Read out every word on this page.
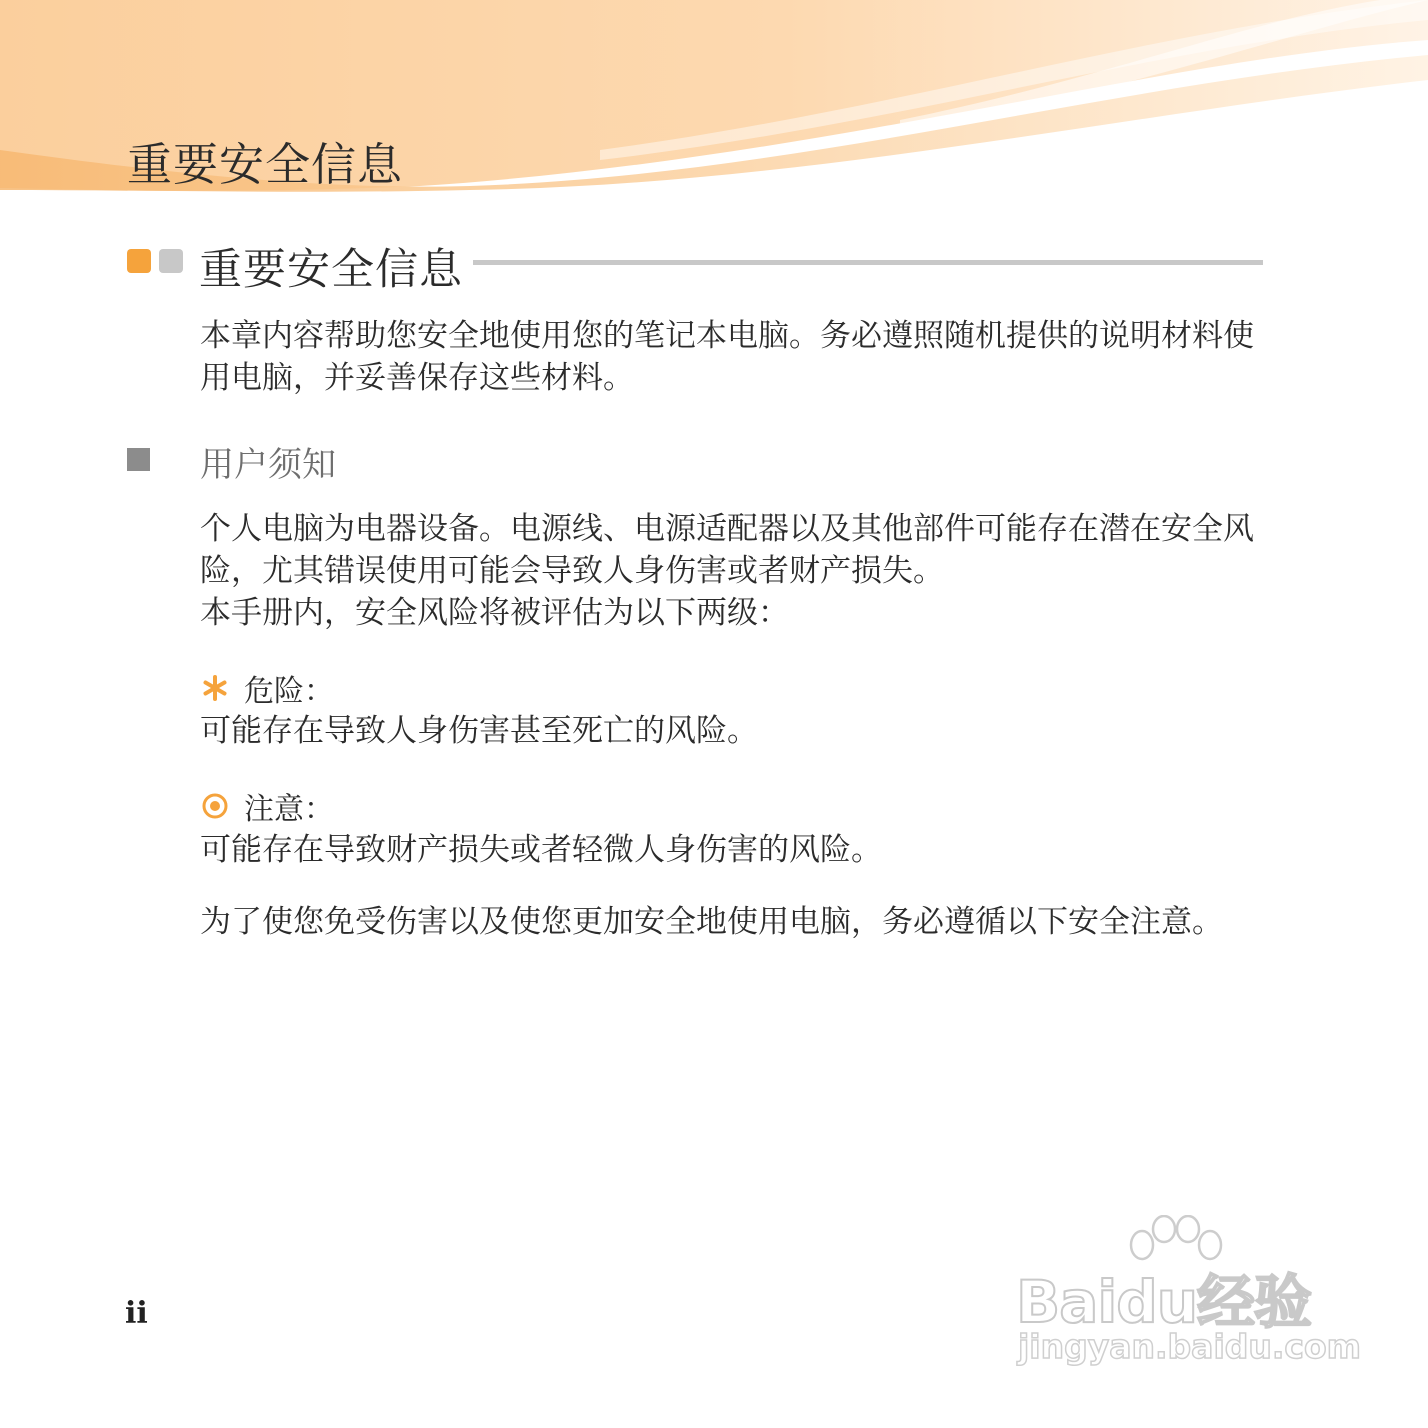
重要安全信息
重要安全信息

本章内容帮助您安全地使用您的笔记本电脑。务必遵照随机提供的说明材料使用电脑，并妥善保存这些材料。

用户须知

个人电脑为电器设备。电源线、电源适配器以及其他部件可能存在潜在安全风险，尤其错误使用可能会导致人身伤害或者财产损失。

本手册内，安全风险将被评估为以下两级：

危险：

可能存在导致人身伤害甚至死亡的风险。

注意：

可能存在导致财产损失或者轻微人身伤害的风险。

为了使您免受伤害以及使您更加安全地使用电脑，务必遵循以下安全注意。

ii	Baidu经验
jingyan.baidu.com
